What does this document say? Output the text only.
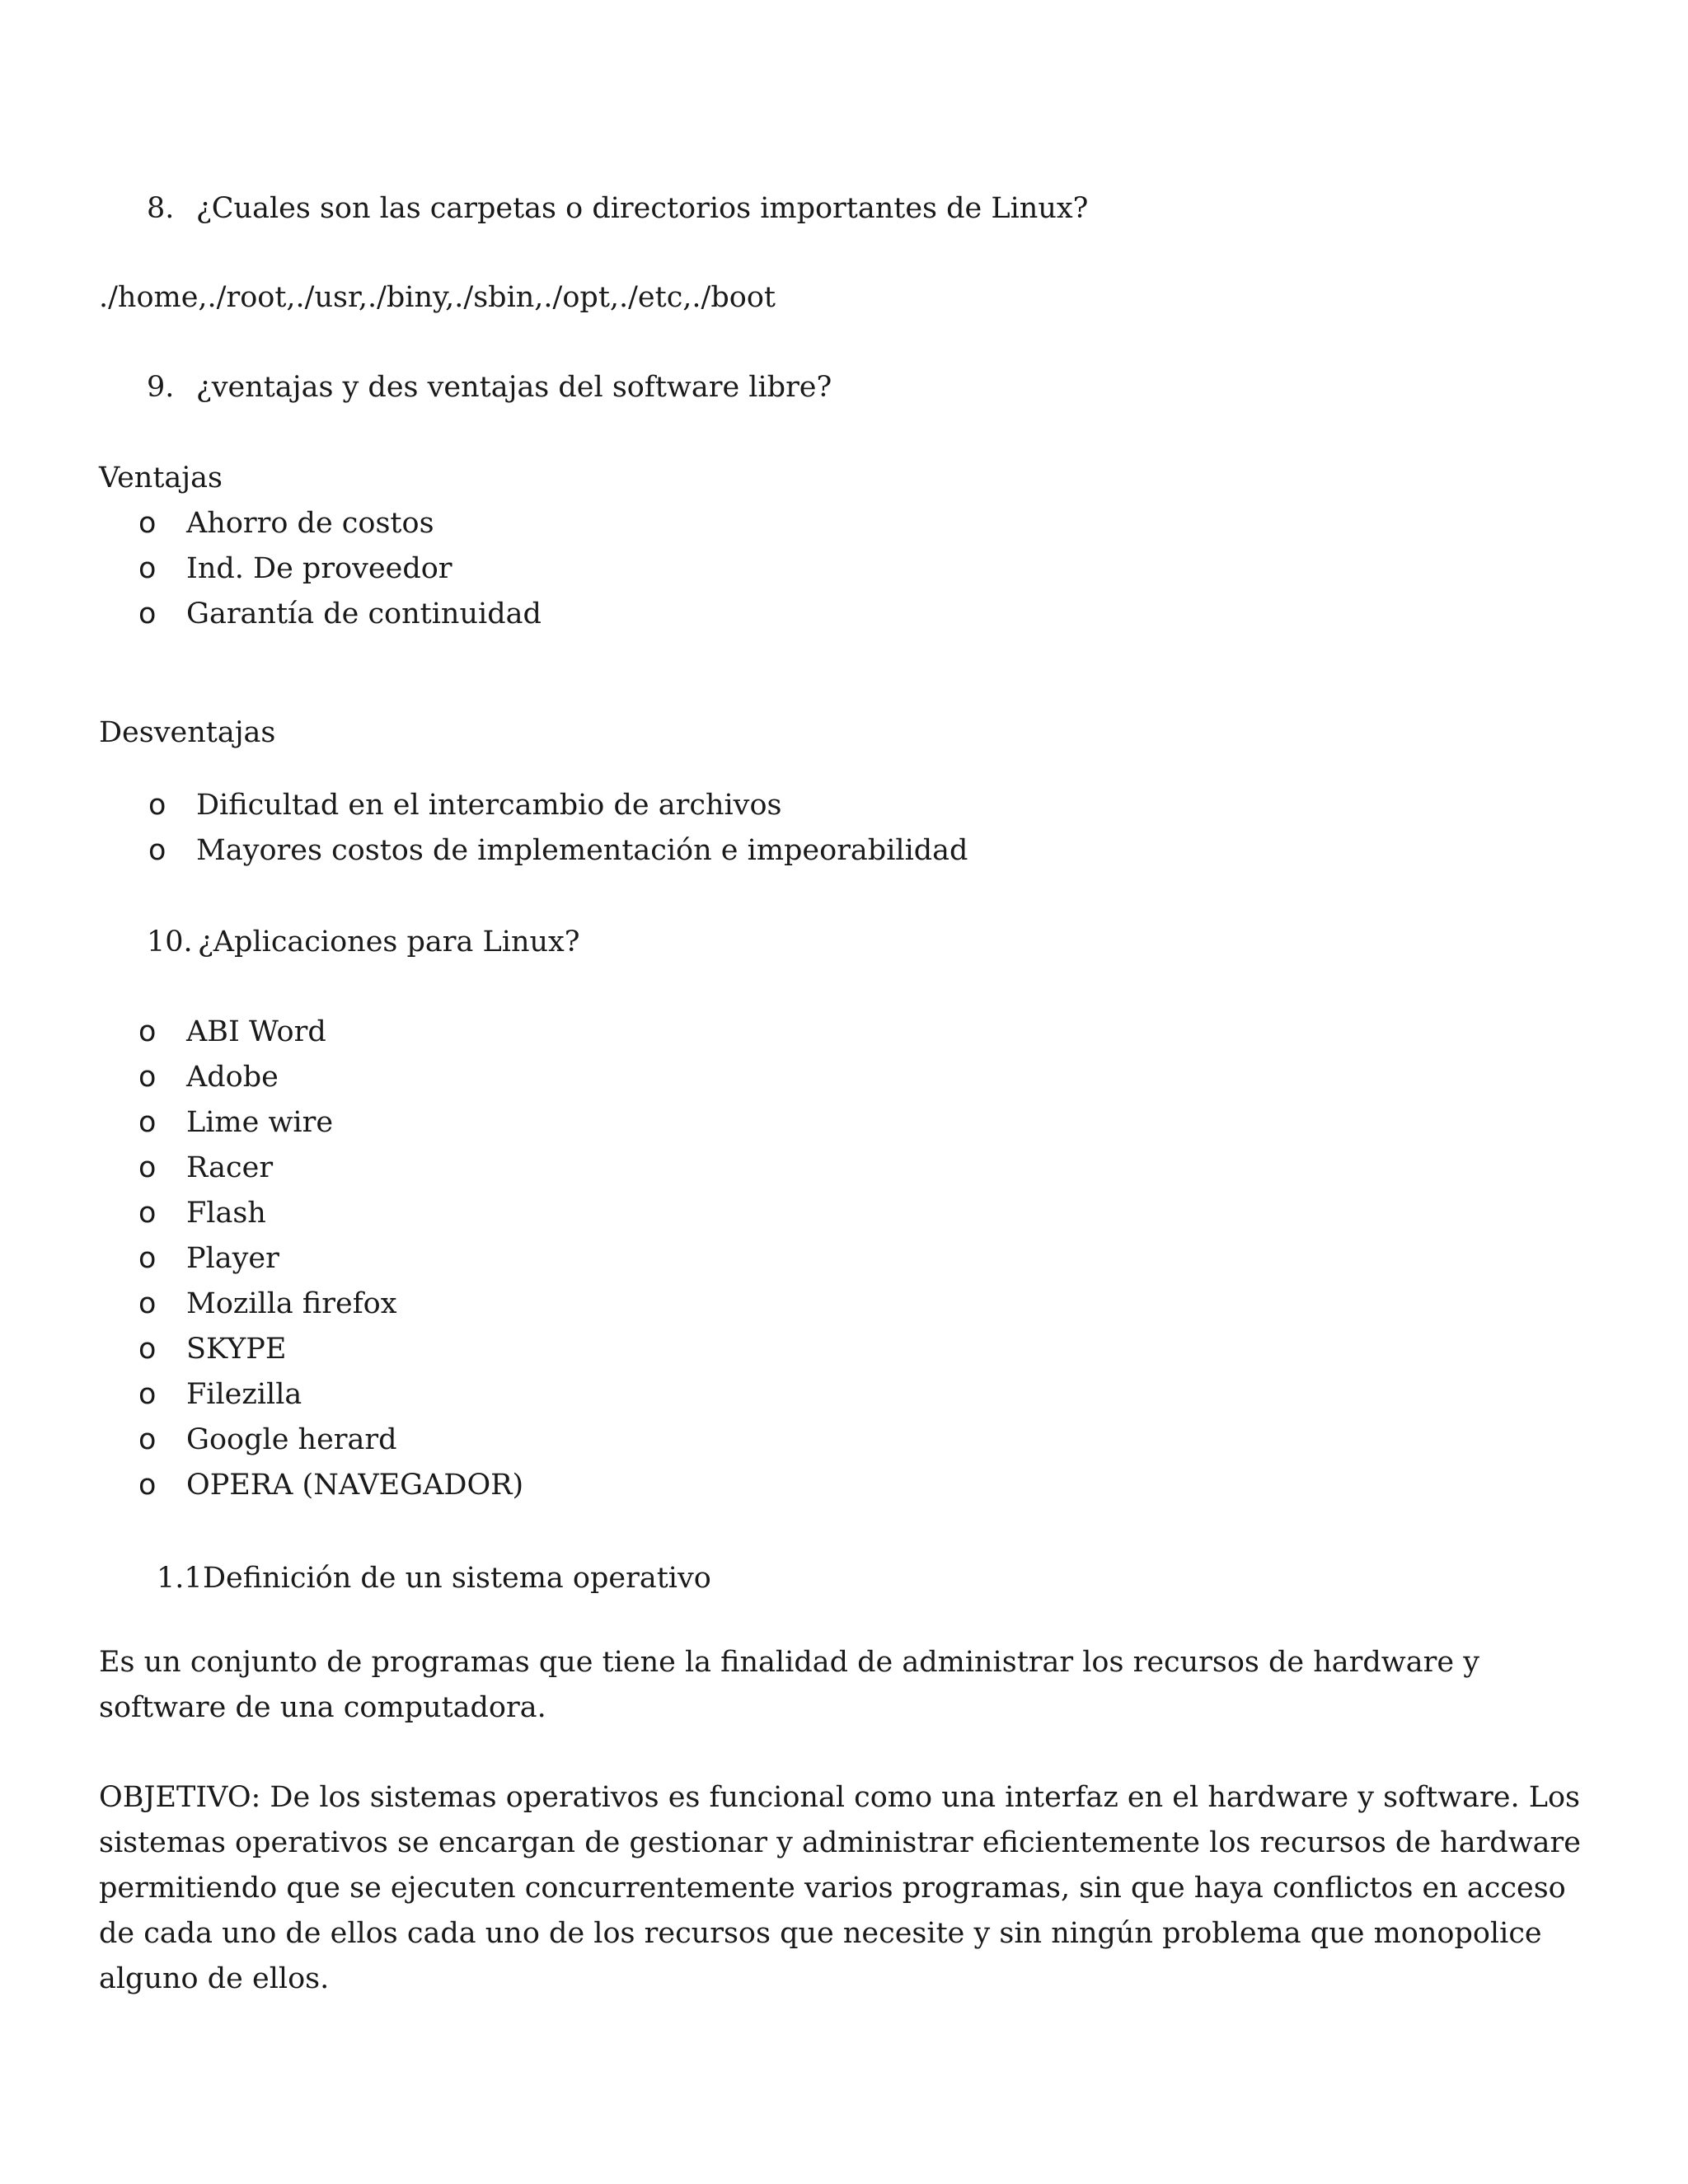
8. ¿Cuales son las carpetas o directorios importantes de Linux?
./home,./root,./usr,./biny,./sbin,./opt,./etc,./boot
9. ¿ventajas y des ventajas del software libre?
Ventajas
o Ahorro de costos
o Ind. De proveedor
o Garantía de continuidad
Desventajas
o Dificultad en el intercambio de archivos
o Mayores costos de implementación e impeorabilidad
10. ¿Aplicaciones para Linux?
o ABI Word
o Adobe
o Lime wire
o Racer
o Flash
o Player
o Mozilla firefox
o SKYPE
o Filezilla
o Google herard
o OPERA (NAVEGADOR)
1.1 Definición de un sistema operativo

Es un conjunto de programas que tiene la finalidad de administrar los recursos de hardware y software de una computadora.

OBJETIVO: De los sistemas operativos es funcional como una interfaz en el hardware y software. Los sistemas operativos se encargan de gestionar y administrar eficientemente los recursos de hardware permitiendo que se ejecuten concurrentemente varios programas, sin que haya conflictos en acceso de cada uno de ellos cada uno de los recursos que necesite y sin ningún problema que monopolice alguno de ellos.
